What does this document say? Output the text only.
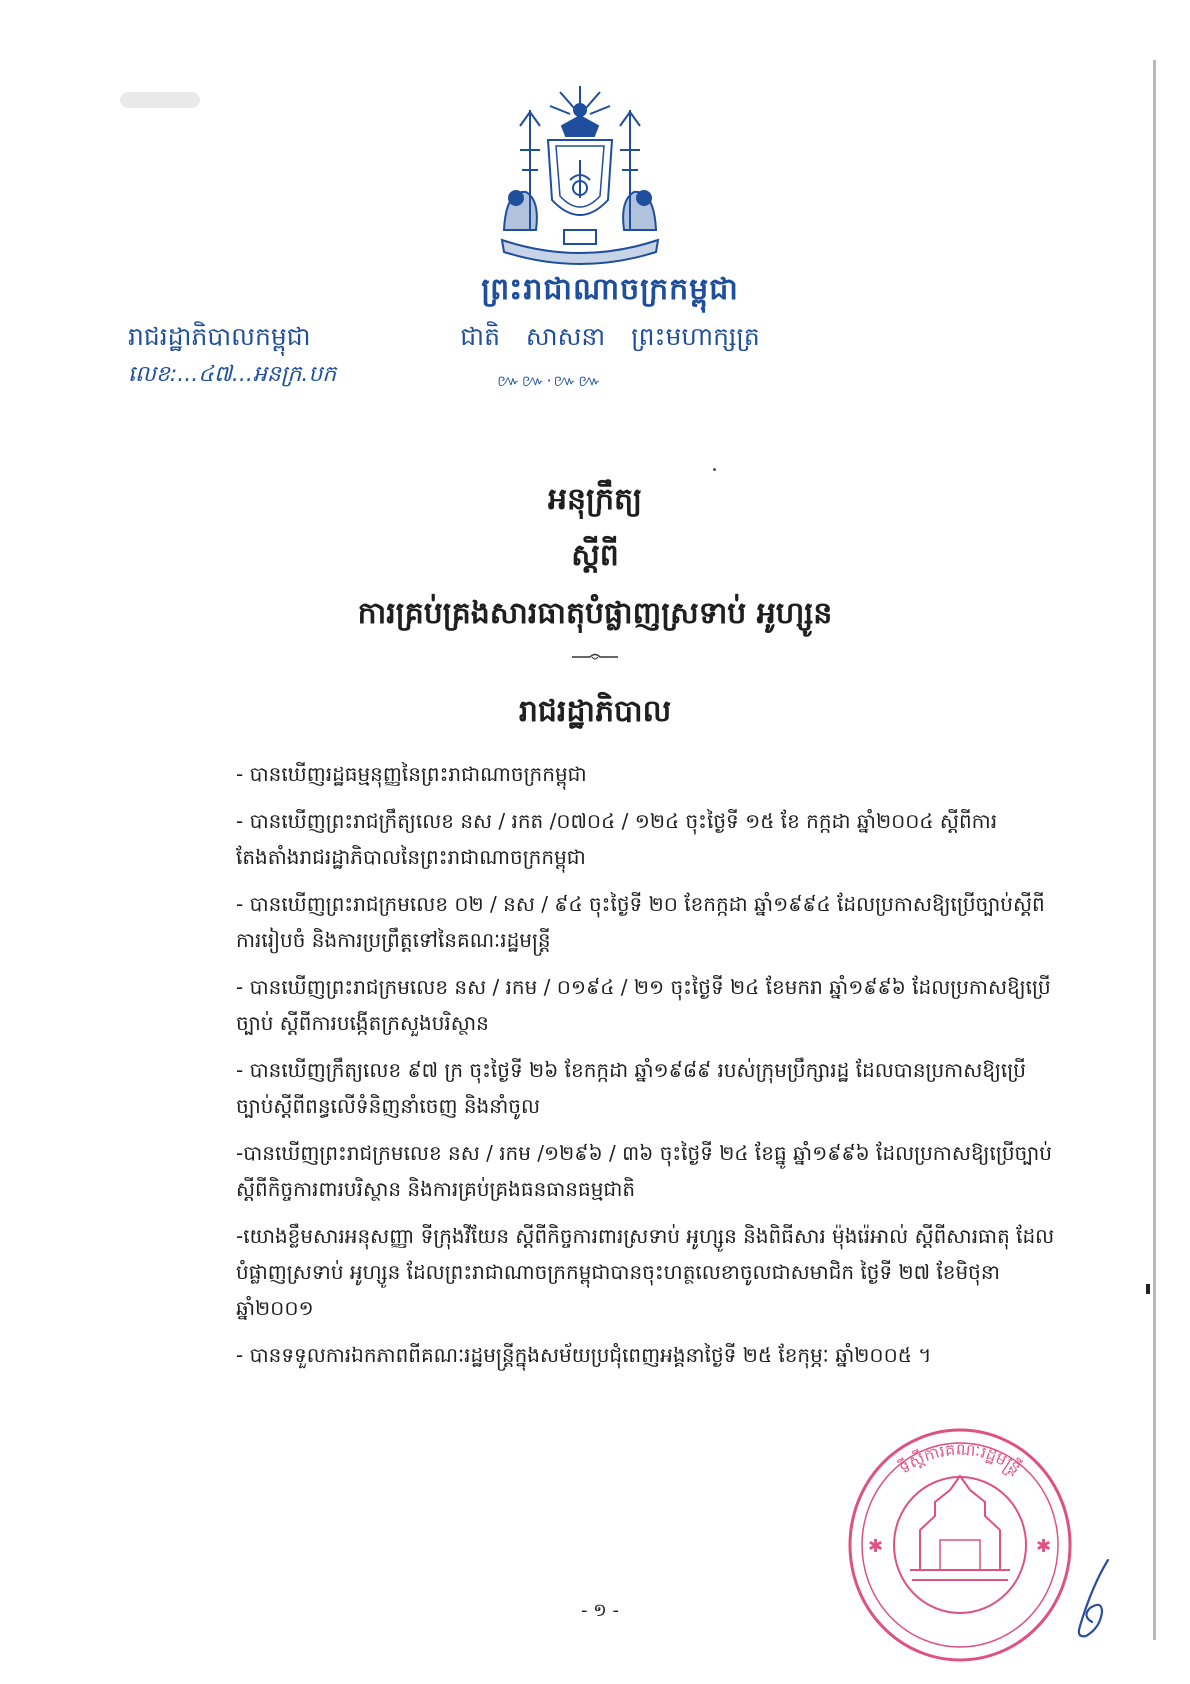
ព្រះរាជាណាចក្រកម្ពុជា
ជាតិ សាសនា ព្រះមហាក្សត្រ
៚៚·៚៚
រាជរដ្ឋាភិបាលកម្ពុជា
លេខ:...៤៧...អនក្រ.បក
អនុក្រឹត្យ
ស្តីពី
ការគ្រប់គ្រងសារធាតុបំផ្លាញស្រទាប់ អូហ្សូន
រាជរដ្ឋាភិបាល
- បានឃើញរដ្ឋធម្មនុញ្ញនៃព្រះរាជាណាចក្រកម្ពុជា
- បានឃើញព្រះរាជក្រឹត្យលេខ នស / រកត /០៧០៤ / ១២៤ ចុះថ្ងៃទី ១៥ ខែ កក្កដា ឆ្នាំ២០០៤ ស្តីពីការតែងតាំងរាជរដ្ឋាភិបាលនៃព្រះរាជាណាចក្រកម្ពុជា
- បានឃើញព្រះរាជក្រមលេខ ០២ / នស / ៩៤ ចុះថ្ងៃទី ២០ ខែកក្កដា ឆ្នាំ១៩៩៤ ដែលប្រកាសឱ្យប្រើច្បាប់ស្តីពីការរៀបចំ និងការប្រព្រឹត្តទៅនៃគណៈរដ្ឋមន្ត្រី
- បានឃើញព្រះរាជក្រមលេខ នស / រកម / ០១៩៤ / ២១ ចុះថ្ងៃទី ២៤ ខែមករា ឆ្នាំ១៩៩៦ ដែលប្រកាសឱ្យប្រើច្បាប់ ស្តីពីការបង្កើតក្រសួងបរិស្ថាន
- បានឃើញក្រឹត្យលេខ ៩៧ ក្រ ចុះថ្ងៃទី ២៦ ខែកក្កដា ឆ្នាំ១៩៨៩ របស់ក្រុមប្រឹក្សារដ្ឋ ដែលបានប្រកាសឱ្យប្រើច្បាប់ស្តីពីពន្ធលើទំនិញនាំចេញ និងនាំចូល
-បានឃើញព្រះរាជក្រមលេខ នស / រកម /១២៩៦ / ៣៦ ចុះថ្ងៃទី ២៤ ខែធ្នូ ឆ្នាំ១៩៩៦ ដែលប្រកាសឱ្យប្រើច្បាប់ស្តីពីកិច្ចការពារបរិស្ថាន និងការគ្រប់គ្រងធនធានធម្មជាតិ
-យោងខ្លឹមសារអនុសញ្ញា ទីក្រុងវីយែន ស្តីពីកិច្ចការពារស្រទាប់ អូហ្សូន និងពិធីសារ ម៉ុងរ៉េអាល់ ស្តីពីសារធាតុ ដែលបំផ្លាញស្រទាប់ អូហ្សូន ដែលព្រះរាជាណាចក្រកម្ពុជាបានចុះហត្ថលេខាចូលជាសមាជិក ថ្ងៃទី ២៧ ខែមិថុនា ឆ្នាំ២០០១
- បានទទួលការឯកភាពពីគណៈរដ្ឋមន្ត្រីក្នុងសម័យប្រជុំពេញអង្គនាថ្ងៃទី ២៥ ខែកុម្ភៈ ឆ្នាំ២០០៥ ។
- ១ -
✱	✱
ទីស្តីការគណៈរដ្ឋមន្ត្រី
